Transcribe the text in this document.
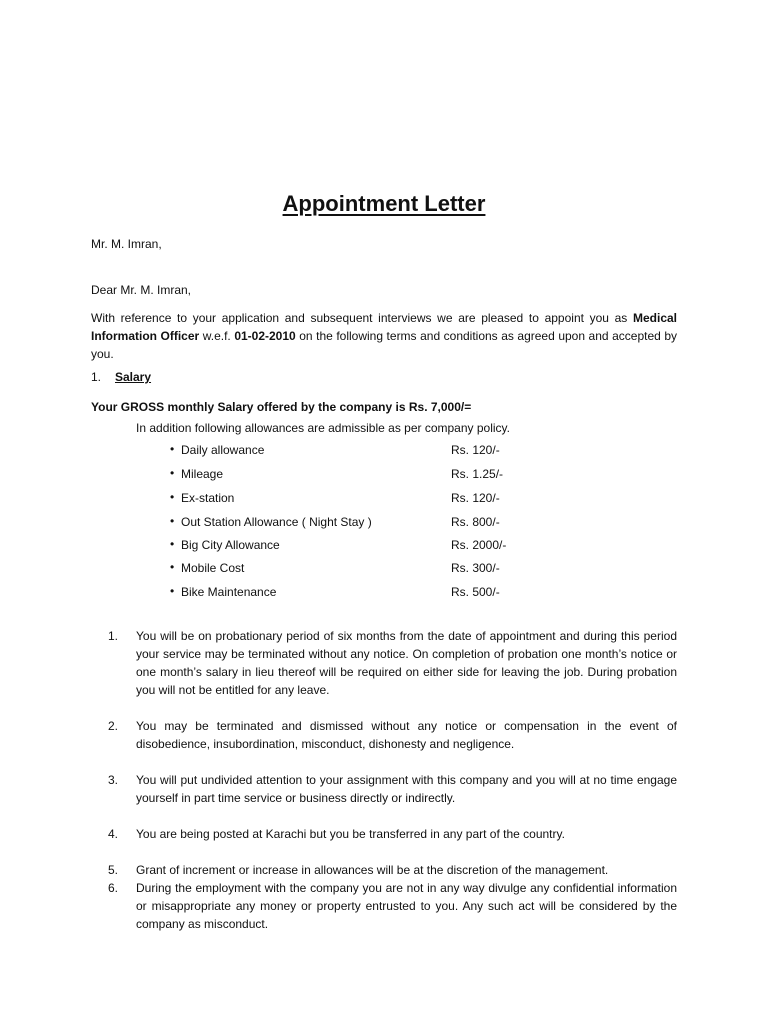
Appointment Letter
Mr. M. Imran,
Dear Mr. M. Imran,
With reference to your application and subsequent interviews we are pleased to appoint you as Medical Information Officer w.e.f. 01-02-2010 on the following terms and conditions as agreed upon and accepted by you.
1. Salary
Your GROSS monthly Salary offered by the company is Rs. 7,000/=
In addition following allowances are admissible as per company policy.
• Daily allowance	Rs. 120/-
• Mileage	Rs. 1.25/-
• Ex-station	Rs. 120/-
• Out Station Allowance ( Night Stay )	Rs. 800/-
• Big City Allowance	Rs. 2000/-
• Mobile Cost	Rs. 300/-
• Bike Maintenance	Rs. 500/-
1. You will be on probationary period of six months from the date of appointment and during this period your service may be terminated without any notice. On completion of probation one month’s notice or one month’s salary in lieu thereof will be required on either side for leaving the job. During probation you will not be entitled for any leave.
2. You may be terminated and dismissed without any notice or compensation in the event of disobedience, insubordination, misconduct, dishonesty and negligence.
3. You will put undivided attention to your assignment with this company and you will at no time engage yourself in part time service or business directly or indirectly.
4. You are being posted at Karachi but you be transferred in any part of the country.
5. Grant of increment or increase in allowances will be at the discretion of the management.
6. During the employment with the company you are not in any way divulge any confidential information or misappropriate any money or property entrusted to you. Any such act will be considered by the company as misconduct.
